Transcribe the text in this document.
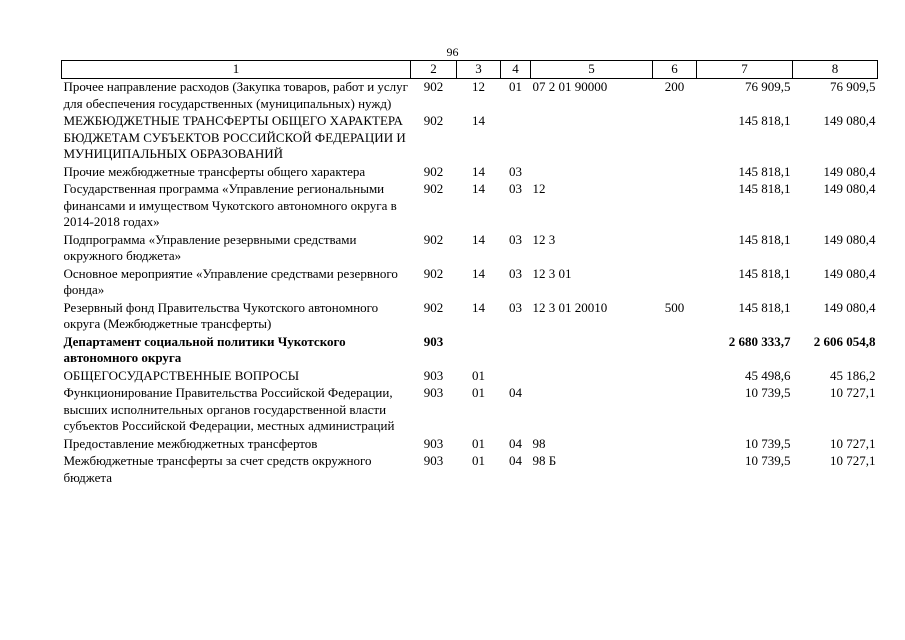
96
1	2	3	4	5	6	7	8
Прочее направление расходов (Закупка товаров, работ и услуг для обеспечения государственных (муниципальных) нужд)	902	12	01	07 2 01 90000	200	76 909,5	76 909,5
МЕЖБЮДЖЕТНЫЕ ТРАНСФЕРТЫ ОБЩЕГО ХАРАКТЕРА БЮДЖЕТАМ СУБЪЕКТОВ РОССИЙСКОЙ ФЕДЕРАЦИИ И МУНИЦИПАЛЬНЫХ ОБРАЗОВАНИЙ	902	14				145 818,1	149 080,4
Прочие межбюджетные трансферты общего характера	902	14	03			145 818,1	149 080,4
Государственная программа «Управление региональными финансами и имуществом Чукотского автономного округа в 2014-2018 годах»	902	14	03	12		145 818,1	149 080,4
Подпрограмма «Управление резервными средствами окружного бюджета»	902	14	03	12 3		145 818,1	149 080,4
Основное мероприятие «Управление средствами резервного фонда»	902	14	03	12 3 01		145 818,1	149 080,4
Резервный фонд Правительства Чукотского автономного округа (Межбюджетные трансферты)	902	14	03	12 3 01 20010	500	145 818,1	149 080,4
Департамент социальной политики Чукотского автономного округа	903					2 680 333,7	2 606 054,8
ОБЩЕГОСУДАРСТВЕННЫЕ ВОПРОСЫ	903	01				45 498,6	45 186,2
Функционирование Правительства Российской Федерации, высших исполнительных органов государственной власти субъектов Российской Федерации, местных администраций	903	01	04			10 739,5	10 727,1
Предоставление межбюджетных трансфертов	903	01	04	98		10 739,5	10 727,1
Межбюджетные трансферты за счет средств окружного бюджета	903	01	04	98 Б		10 739,5	10 727,1
